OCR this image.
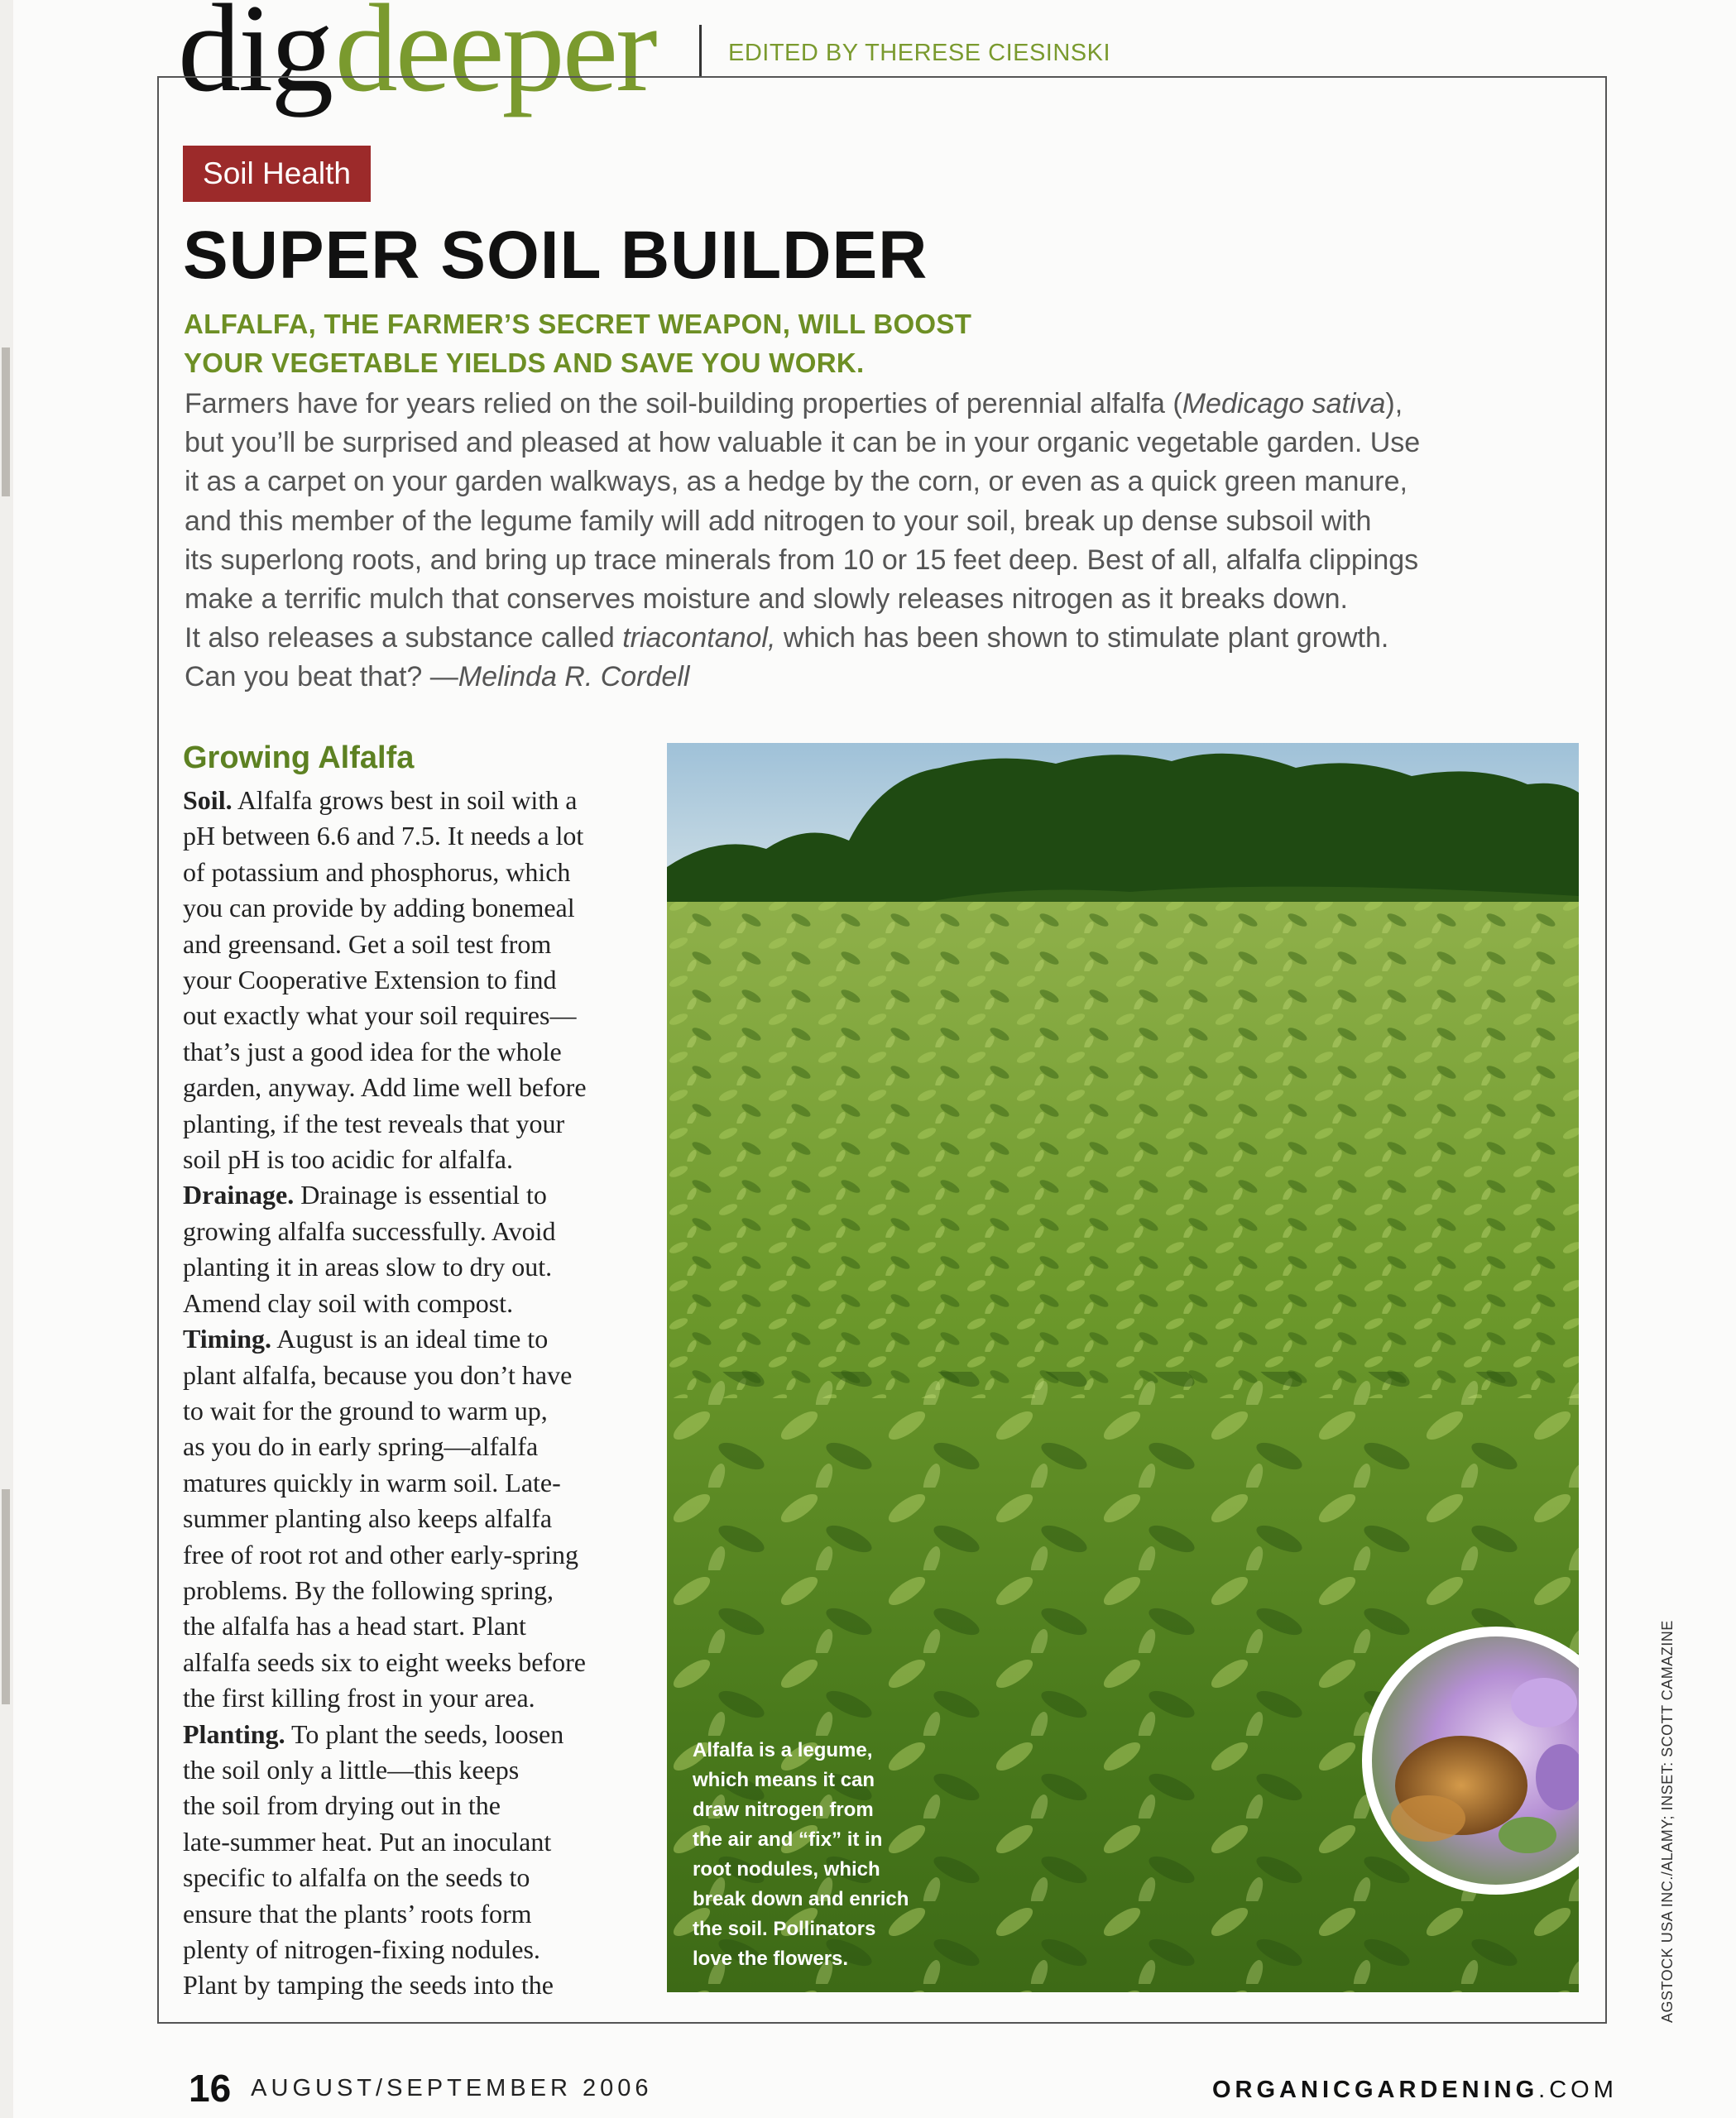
dig deeper	EDITED BY THERESE CIESINSKI
Soil Health
SUPER SOIL BUILDER
ALFALFA, THE FARMER’S SECRET WEAPON, WILL BOOST
YOUR VEGETABLE YIELDS AND SAVE YOU WORK.
Farmers have for years relied on the soil-building properties of perennial alfalfa (Medicago sativa),
but you’ll be surprised and pleased at how valuable it can be in your organic vegetable garden. Use
it as a carpet on your garden walkways, as a hedge by the corn, or even as a quick green manure,
and this member of the legume family will add nitrogen to your soil, break up dense subsoil with
its superlong roots, and bring up trace minerals from 10 or 15 feet deep. Best of all, alfalfa clippings
make a terrific mulch that conserves moisture and slowly releases nitrogen as it breaks down.
It also releases a substance called triacontanol, which has been shown to stimulate plant growth.
Can you beat that? —Melinda R. Cordell
Growing Alfalfa
Soil. Alfalfa grows best in soil with a
pH between 6.6 and 7.5. It needs a lot
of potassium and phosphorus, which
you can provide by adding bonemeal
and greensand. Get a soil test from
your Cooperative Extension to find
out exactly what your soil requires—
that’s just a good idea for the whole
garden, anyway. Add lime well before
planting, if the test reveals that your
soil pH is too acidic for alfalfa.
Drainage. Drainage is essential to
growing alfalfa successfully. Avoid
planting it in areas slow to dry out.
Amend clay soil with compost.
Timing. August is an ideal time to
plant alfalfa, because you don’t have
to wait for the ground to warm up,
as you do in early spring—alfalfa
matures quickly in warm soil. Late-
summer planting also keeps alfalfa
free of root rot and other early-spring
problems. By the following spring,
the alfalfa has a head start. Plant
alfalfa seeds six to eight weeks before
the first killing frost in your area.
Planting. To plant the seeds, loosen
the soil only a little—this keeps
the soil from drying out in the
late-summer heat. Put an inoculant
specific to alfalfa on the seeds to
ensure that the plants’ roots form
plenty of nitrogen-fixing nodules.
Plant by tamping the seeds into the
Alfalfa is a legume,
which means it can
draw nitrogen from
the air and “fix” it in
root nodules, which
break down and enrich
the soil. Pollinators
love the flowers.	AGSTOCK USA INC./ALAMY; INSET: SCOTT CAMAZINE
16 AUGUST/SEPTEMBER 2006	ORGANICGARDENING.COM
